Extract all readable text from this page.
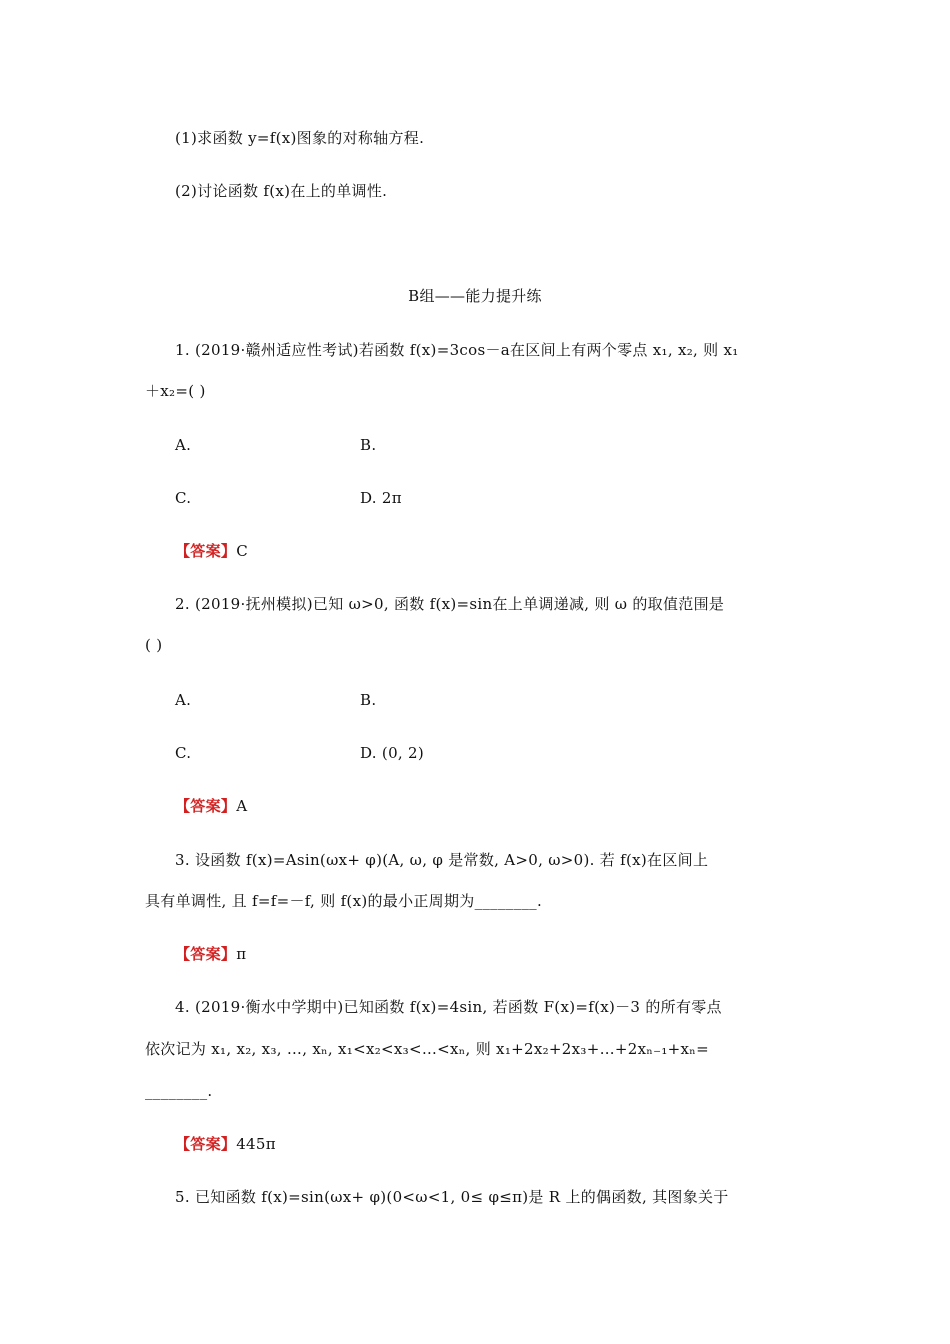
(1)求函数 y=f(x)图象的对称轴方程.
(2)讨论函数 f(x)在上的单调性.
B组——能力提升练
1. (2019·赣州适应性考试)若函数 f(x)=3cos－a在区间上有两个零点 x₁, x₂, 则 x₁
＋x₂=( )
A.	B.
C.	D. 2π
【答案】C
2. (2019·抚州模拟)已知 ω>0, 函数 f(x)=sin在上单调递减, 则 ω 的取值范围是
( )
A.	B.
C.	D. (0, 2)
【答案】A
3. 设函数 f(x)=Asin(ωx+ φ)(A, ω, φ 是常数, A>0, ω>0). 若 f(x)在区间上
具有单调性, 且 f=f=－f, 则 f(x)的最小正周期为________.
【答案】π
4. (2019·衡水中学期中)已知函数 f(x)=4sin, 若函数 F(x)=f(x)－3 的所有零点
依次记为 x₁, x₂, x₃, …, xₙ, x₁<x₂<x₃<…<xₙ, 则 x₁+2x₂+2x₃+…+2xₙ₋₁+xₙ=
________.
【答案】445π
5. 已知函数 f(x)=sin(ωx+ φ)(0<ω<1, 0≤ φ≤π)是 R 上的偶函数, 其图象关于
